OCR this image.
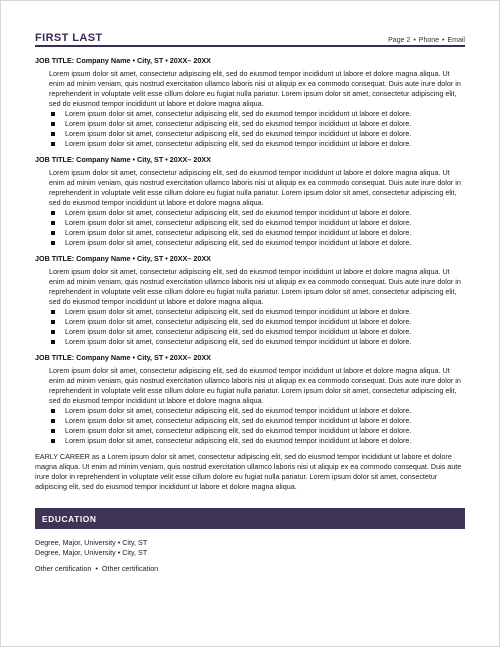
FIRST LAST	Page 2 • Phone • Email
JOB TITLE: Company Name • City, ST • 20XX– 20XX
Lorem ipsum dolor sit amet, consectetur adipiscing elit, sed do eiusmod tempor incididunt ut labore et dolore magna aliqua. Ut enim ad minim veniam, quis nostrud exercitation ullamco laboris nisi ut aliquip ex ea commodo consequat. Duis aute irure dolor in reprehenderit in voluptate velit esse cillum dolore eu fugiat nulla pariatur. Lorem ipsum dolor sit amet, consectetur adipiscing elit, sed do eiusmod tempor incididunt ut labore et dolore magna aliqua.
Lorem ipsum dolor sit amet, consectetur adipiscing elit, sed do eiusmod tempor incididunt ut labore et dolore.
Lorem ipsum dolor sit amet, consectetur adipiscing elit, sed do eiusmod tempor incididunt ut labore et dolore.
Lorem ipsum dolor sit amet, consectetur adipiscing elit, sed do eiusmod tempor incididunt ut labore et dolore.
Lorem ipsum dolor sit amet, consectetur adipiscing elit, sed do eiusmod tempor incididunt ut labore et dolore.
JOB TITLE: Company Name • City, ST • 20XX– 20XX
Lorem ipsum dolor sit amet, consectetur adipiscing elit, sed do eiusmod tempor incididunt ut labore et dolore magna aliqua. Ut enim ad minim veniam, quis nostrud exercitation ullamco laboris nisi ut aliquip ex ea commodo consequat. Duis aute irure dolor in reprehenderit in voluptate velit esse cillum dolore eu fugiat nulla pariatur. Lorem ipsum dolor sit amet, consectetur adipiscing elit, sed do eiusmod tempor incididunt ut labore et dolore magna aliqua.
Lorem ipsum dolor sit amet, consectetur adipiscing elit, sed do eiusmod tempor incididunt ut labore et dolore.
Lorem ipsum dolor sit amet, consectetur adipiscing elit, sed do eiusmod tempor incididunt ut labore et dolore.
Lorem ipsum dolor sit amet, consectetur adipiscing elit, sed do eiusmod tempor incididunt ut labore et dolore.
Lorem ipsum dolor sit amet, consectetur adipiscing elit, sed do eiusmod tempor incididunt ut labore et dolore.
JOB TITLE: Company Name • City, ST • 20XX– 20XX
Lorem ipsum dolor sit amet, consectetur adipiscing elit, sed do eiusmod tempor incididunt ut labore et dolore magna aliqua. Ut enim ad minim veniam, quis nostrud exercitation ullamco laboris nisi ut aliquip ex ea commodo consequat. Duis aute irure dolor in reprehenderit in voluptate velit esse cillum dolore eu fugiat nulla pariatur. Lorem ipsum dolor sit amet, consectetur adipiscing elit, sed do eiusmod tempor incididunt ut labore et dolore magna aliqua.
Lorem ipsum dolor sit amet, consectetur adipiscing elit, sed do eiusmod tempor incididunt ut labore et dolore.
Lorem ipsum dolor sit amet, consectetur adipiscing elit, sed do eiusmod tempor incididunt ut labore et dolore.
Lorem ipsum dolor sit amet, consectetur adipiscing elit, sed do eiusmod tempor incididunt ut labore et dolore.
Lorem ipsum dolor sit amet, consectetur adipiscing elit, sed do eiusmod tempor incididunt ut labore et dolore.
JOB TITLE: Company Name • City, ST • 20XX– 20XX
Lorem ipsum dolor sit amet, consectetur adipiscing elit, sed do eiusmod tempor incididunt ut labore et dolore magna aliqua. Ut enim ad minim veniam, quis nostrud exercitation ullamco laboris nisi ut aliquip ex ea commodo consequat. Duis aute irure dolor in reprehenderit in voluptate velit esse cillum dolore eu fugiat nulla pariatur. Lorem ipsum dolor sit amet, consectetur adipiscing elit, sed do eiusmod tempor incididunt ut labore et dolore magna aliqua.
Lorem ipsum dolor sit amet, consectetur adipiscing elit, sed do eiusmod tempor incididunt ut labore et dolore.
Lorem ipsum dolor sit amet, consectetur adipiscing elit, sed do eiusmod tempor incididunt ut labore et dolore.
Lorem ipsum dolor sit amet, consectetur adipiscing elit, sed do eiusmod tempor incididunt ut labore et dolore.
Lorem ipsum dolor sit amet, consectetur adipiscing elit, sed do eiusmod tempor incididunt ut labore et dolore.
EARLY CAREER as a Lorem ipsum dolor sit amet, consectetur adipiscing elit, sed do eiusmod tempor incididunt ut labore et dolore magna aliqua. Ut enim ad minim veniam, quis nostrud exercitation ullamco laboris nisi ut aliquip ex ea commodo consequat. Duis aute irure dolor in reprehenderit in voluptate velit esse cillum dolore eu fugiat nulla pariatur. Lorem ipsum dolor sit amet, consectetur adipiscing elit, sed do eiusmod tempor incididunt ut labore et dolore magna aliqua.
EDUCATION
Degree, Major, University • City, ST
Degree, Major, University • City, ST
Other certification • Other certification
